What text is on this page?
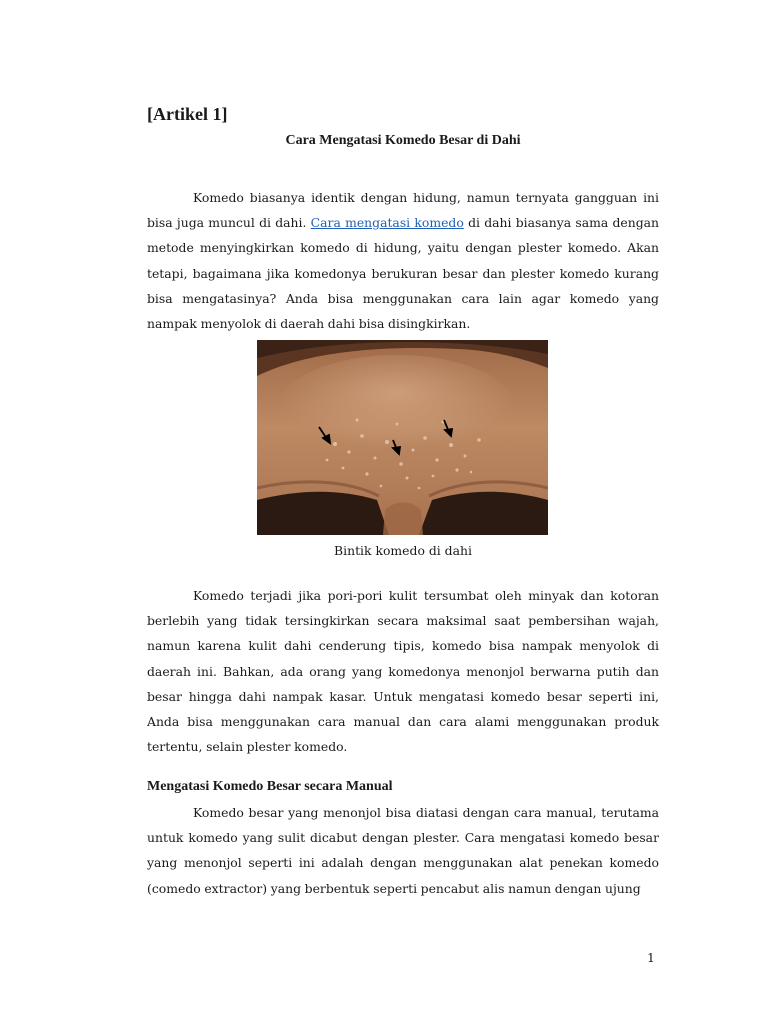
[Artikel 1]
Cara Mengatasi Komedo Besar di Dahi

Komedo biasanya identik dengan hidung, namun ternyata gangguan ini bisa juga muncul di dahi. Cara mengatasi komedo di dahi biasanya sama dengan metode menyingkirkan komedo di hidung, yaitu dengan plester komedo. Akan tetapi, bagaimana jika komedonya berukuran besar dan plester komedo kurang bisa mengatasinya? Anda bisa menggunakan cara lain agar komedo yang nampak menyolok di daerah dahi bisa disingkirkan.

Bintik komedo di dahi

Komedo terjadi jika pori-pori kulit tersumbat oleh minyak dan kotoran berlebih yang tidak tersingkirkan secara maksimal saat pembersihan wajah, namun karena kulit dahi cenderung tipis, komedo bisa nampak menyolok di daerah ini. Bahkan, ada orang yang komedonya menonjol berwarna putih dan besar hingga dahi nampak kasar. Untuk mengatasi komedo besar seperti ini, Anda bisa menggunakan cara manual dan cara alami menggunakan produk tertentu, selain plester komedo.

Mengatasi Komedo Besar secara Manual

Komedo besar yang menonjol bisa diatasi dengan cara manual, terutama untuk komedo yang sulit dicabut dengan plester. Cara mengatasi komedo besar yang menonjol seperti ini adalah dengan menggunakan alat penekan komedo (comedo extractor) yang berbentuk seperti pencabut alis namun dengan ujung

1
